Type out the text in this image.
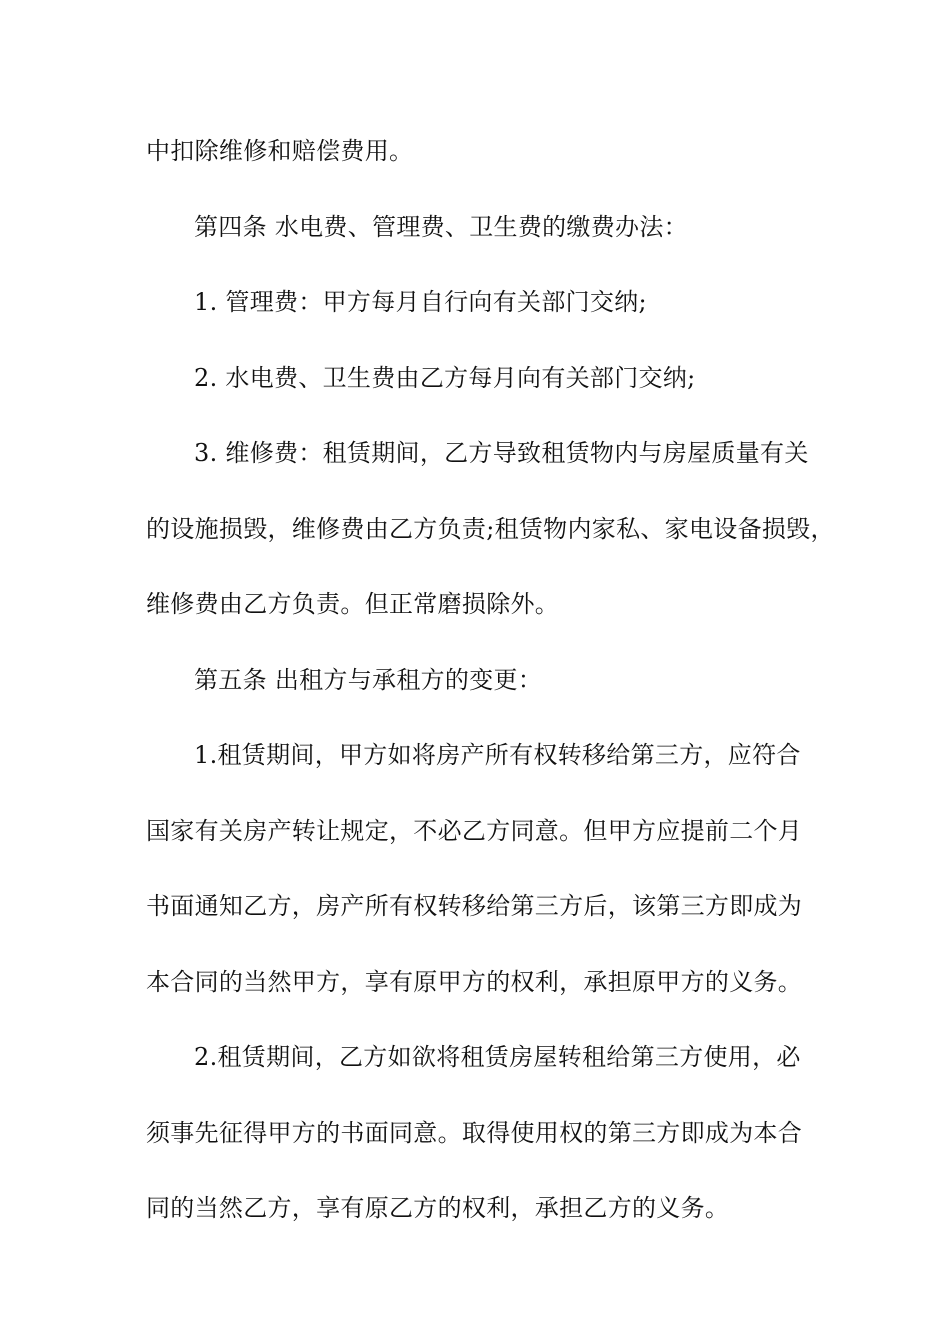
中扣除维修和赔偿费用。
第四条 水电费、管理费、卫生费的缴费办法：
1. 管理费：甲方每月自行向有关部门交纳;
2. 水电费、卫生费由乙方每月向有关部门交纳;
3. 维修费：租赁期间，乙方导致租赁物内与房屋质量有关
的设施损毁，维修费由乙方负责;租赁物内家私、家电设备损毁，
维修费由乙方负责。但正常磨损除外。
第五条 出租方与承租方的变更：
1.租赁期间，甲方如将房产所有权转移给第三方，应符合
国家有关房产转让规定，不必乙方同意。但甲方应提前二个月
书面通知乙方，房产所有权转移给第三方后，该第三方即成为
本合同的当然甲方，享有原甲方的权利，承担原甲方的义务。
2.租赁期间，乙方如欲将租赁房屋转租给第三方使用，必
须事先征得甲方的书面同意。取得使用权的第三方即成为本合
同的当然乙方，享有原乙方的权利，承担乙方的义务。
